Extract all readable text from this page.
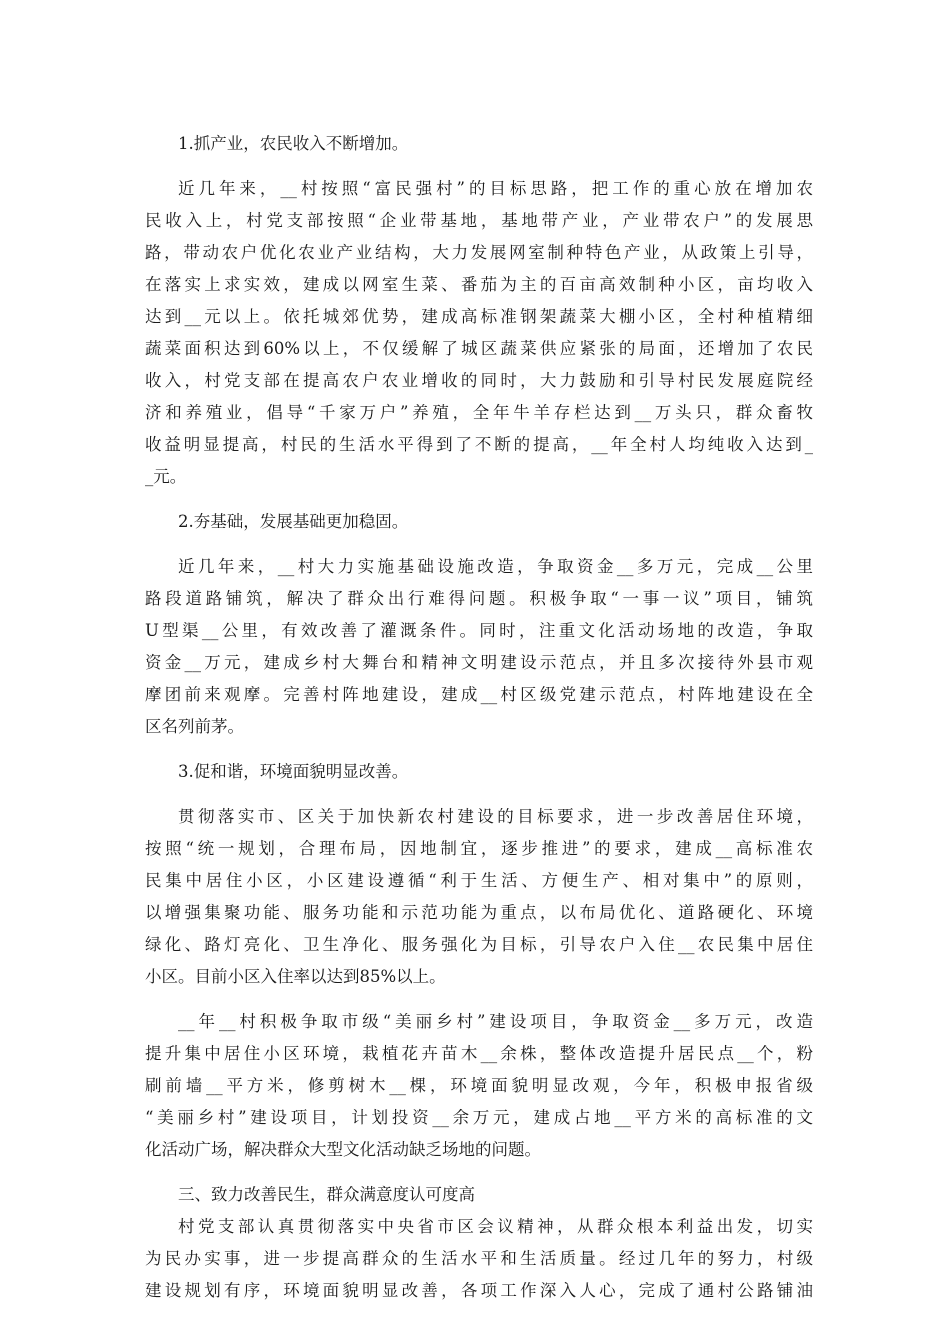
1.抓产业，农民收入不断增加。
近几年来，__村按照“富民强村”的目标思路，把工作的重心放在增加农
民收入上，村党支部按照“企业带基地，基地带产业，产业带农户”的发展思
路，带动农户优化农业产业结构，大力发展网室制种特色产业，从政策上引导，
在落实上求实效，建成以网室生菜、番茄为主的百亩高效制种小区，亩均收入
达到__元以上。依托城郊优势，建成高标准钢架蔬菜大棚小区，全村种植精细
蔬菜面积达到60%以上，不仅缓解了城区蔬菜供应紧张的局面，还增加了农民
收入，村党支部在提高农户农业增收的同时，大力鼓励和引导村民发展庭院经
济和养殖业，倡导“千家万户”养殖，全年牛羊存栏达到__万头只，群众畜牧
收益明显提高，村民的生活水平得到了不断的提高，__年全村人均纯收入达到_
_元。
2.夯基础，发展基础更加稳固。
近几年来，__村大力实施基础设施改造，争取资金__多万元，完成__公里
路段道路铺筑，解决了群众出行难得问题。积极争取“一事一议”项目，铺筑
U型渠__公里，有效改善了灌溉条件。同时，注重文化活动场地的改造，争取
资金__万元，建成乡村大舞台和精神文明建设示范点，并且多次接待外县市观
摩团前来观摩。完善村阵地建设，建成__村区级党建示范点，村阵地建设在全
区名列前茅。
3.促和谐，环境面貌明显改善。
贯彻落实市、区关于加快新农村建设的目标要求，进一步改善居住环境，
按照“统一规划，合理布局，因地制宜，逐步推进”的要求，建成__高标准农
民集中居住小区，小区建设遵循“利于生活、方便生产、相对集中”的原则，
以增强集聚功能、服务功能和示范功能为重点，以布局优化、道路硬化、环境
绿化、路灯亮化、卫生净化、服务强化为目标，引导农户入住__农民集中居住
小区。目前小区入住率以达到85%以上。
__年__村积极争取市级“美丽乡村”建设项目，争取资金__多万元，改造
提升集中居住小区环境，栽植花卉苗木__余株，整体改造提升居民点__个，粉
刷前墙__平方米，修剪树木__棵，环境面貌明显改观，今年，积极申报省级
“美丽乡村”建设项目，计划投资__余万元，建成占地__平方米的高标准的文
化活动广场，解决群众大型文化活动缺乏场地的问题。
三、致力改善民生，群众满意度认可度高
村党支部认真贯彻落实中央省市区会议精神，从群众根本利益出发，切实
为民办实事，进一步提高群众的生活水平和生活质量。经过几年的努力，村级
建设规划有序，环境面貌明显改善，各项工作深入人心，完成了通村公路铺油
